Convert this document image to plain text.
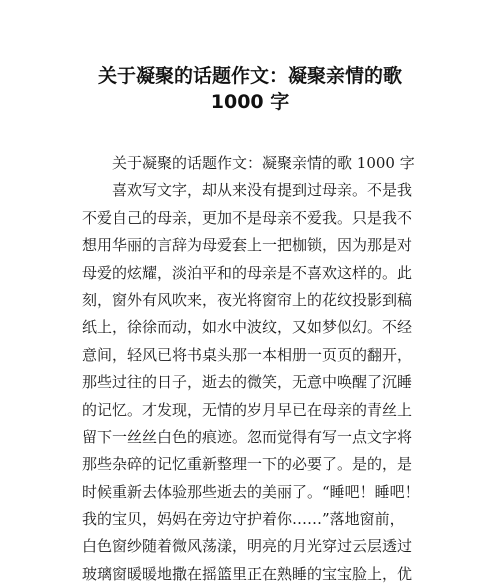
关于凝聚的话题作文：凝聚亲情的歌
1000 字
关于凝聚的话题作文：凝聚亲情的歌 1000 字
喜欢写文字，却从来没有提到过母亲。不是我
不爱自己的母亲，更加不是母亲不爱我。只是我不
想用华丽的言辞为母爱套上一把枷锁，因为那是对
母爱的炫耀，淡泊平和的母亲是不喜欢这样的。此
刻，窗外有风吹来，夜光将窗帘上的花纹投影到稿
纸上，徐徐而动，如水中波纹，又如梦似幻。不经
意间，轻风已将书桌头那一本相册一页页的翻开，
那些过往的日子，逝去的微笑，无意中唤醒了沉睡
的记忆。才发现，无情的岁月早已在母亲的青丝上
留下一丝丝白色的痕迹。忽而觉得有写一点文字将
那些杂碎的记忆重新整理一下的必要了。是的，是
时候重新去体验那些逝去的美丽了。“睡吧！睡吧！
我的宝贝，妈妈在旁边守护着你……”落地窗前，
白色窗纱随着微风荡漾，明亮的月光穿过云层透过
玻璃窗暖暖地撒在摇篮里正在熟睡的宝宝脸上，优
